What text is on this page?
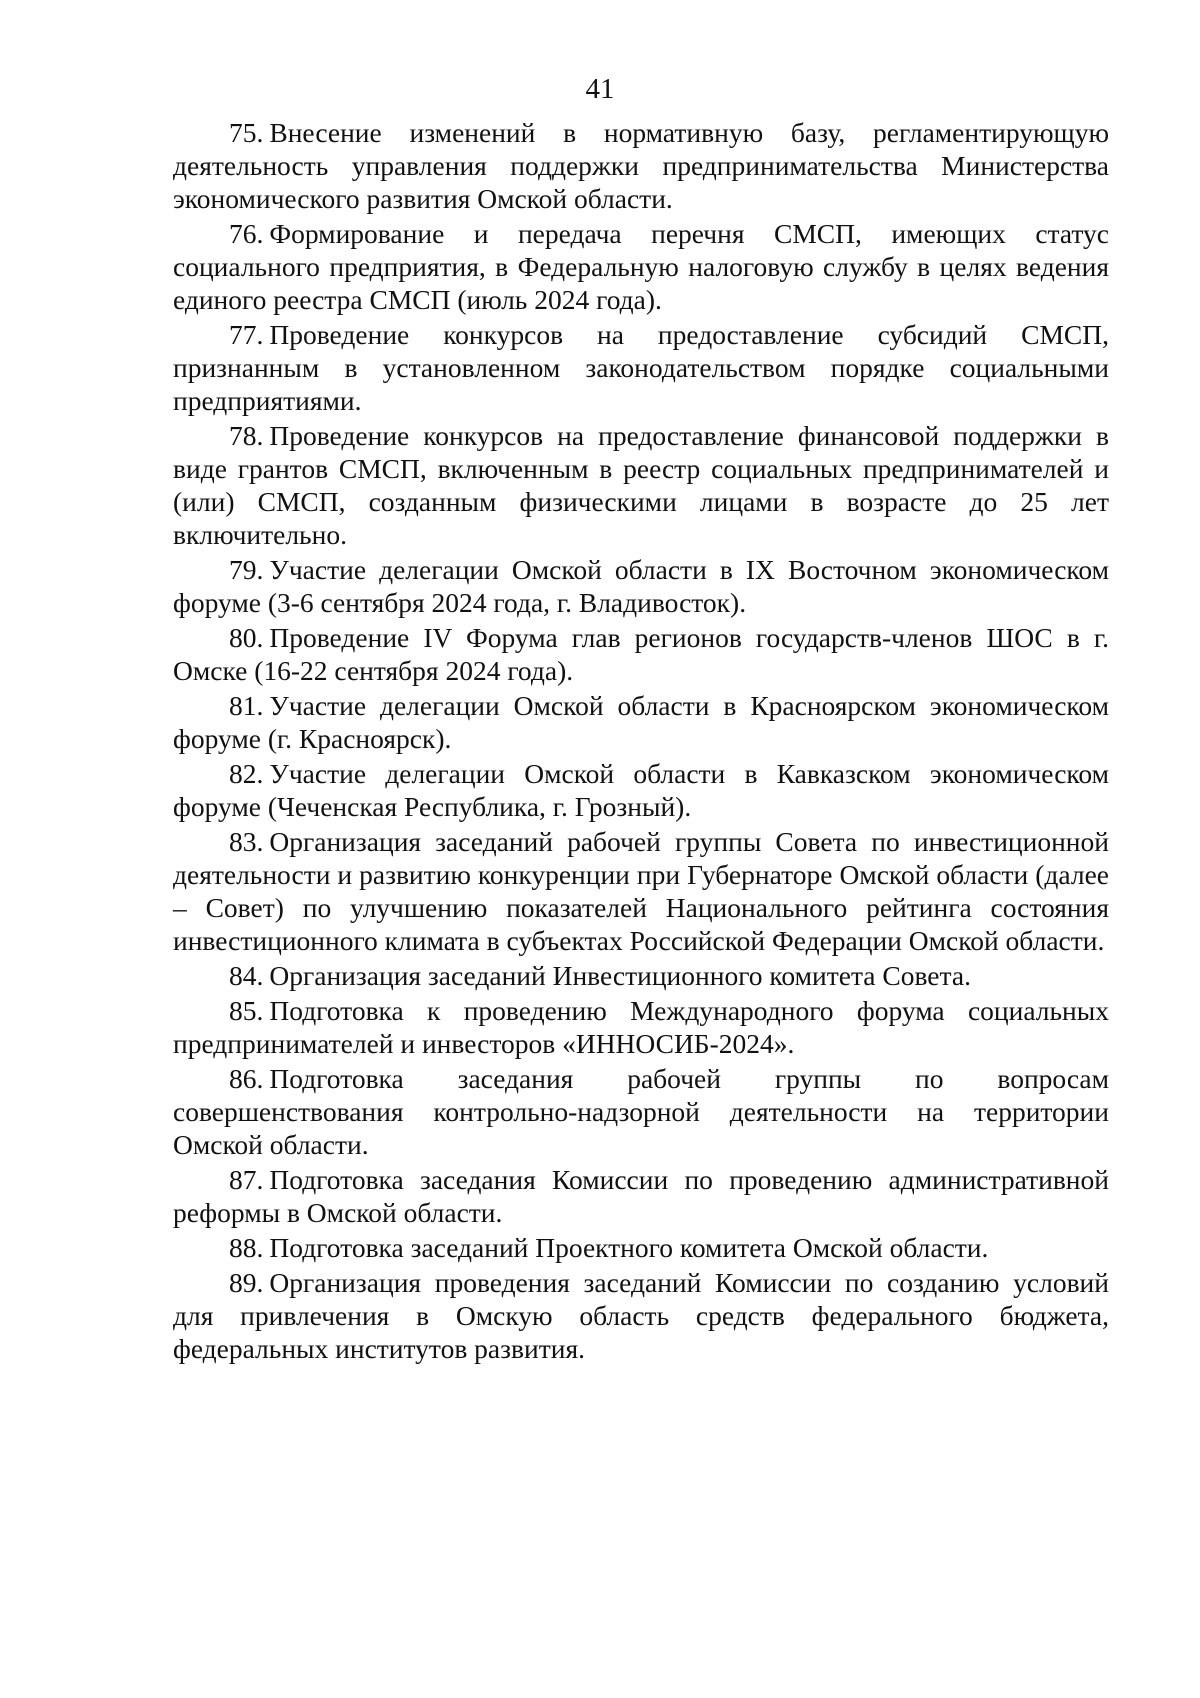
41

75. Внесение изменений в нормативную базу, регламентирующую деятельность управления поддержки предпринимательства Министерства экономического развития Омской области.

76. Формирование и передача перечня СМСП, имеющих статус социального предприятия, в Федеральную налоговую службу в целях ведения единого реестра СМСП (июль 2024 года).

77. Проведение конкурсов на предоставление субсидий СМСП, признанным в установленном законодательством порядке социальными предприятиями.

78. Проведение конкурсов на предоставление финансовой поддержки в виде грантов СМСП, включенным в реестр социальных предпринимателей и (или) СМСП, созданным физическими лицами в возрасте до 25 лет включительно.

79. Участие делегации Омской области в IX Восточном экономическом форуме (3-6 сентября 2024 года, г. Владивосток).

80. Проведение IV Форума глав регионов государств-членов ШОС в г. Омске (16-22 сентября 2024 года).

81. Участие делегации Омской области в Красноярском экономическом форуме (г. Красноярск).

82. Участие делегации Омской области в Кавказском экономическом форуме (Чеченская Республика, г. Грозный).

83. Организация заседаний рабочей группы Совета по инвестиционной деятельности и развитию конкуренции при Губернаторе Омской области (далее – Совет) по улучшению показателей Национального рейтинга состояния инвестиционного климата в субъектах Российской Федерации Омской области.

84. Организация заседаний Инвестиционного комитета Совета.

85. Подготовка к проведению Международного форума социальных предпринимателей и инвесторов «ИННОСИБ-2024».

86. Подготовка заседания рабочей группы по вопросам совершенствования контрольно-надзорной деятельности на территории Омской области.

87. Подготовка заседания Комиссии по проведению административной реформы в Омской области.

88. Подготовка заседаний Проектного комитета Омской области.

89. Организация проведения заседаний Комиссии по созданию условий для привлечения в Омскую область средств федерального бюджета, федеральных институтов развития.
